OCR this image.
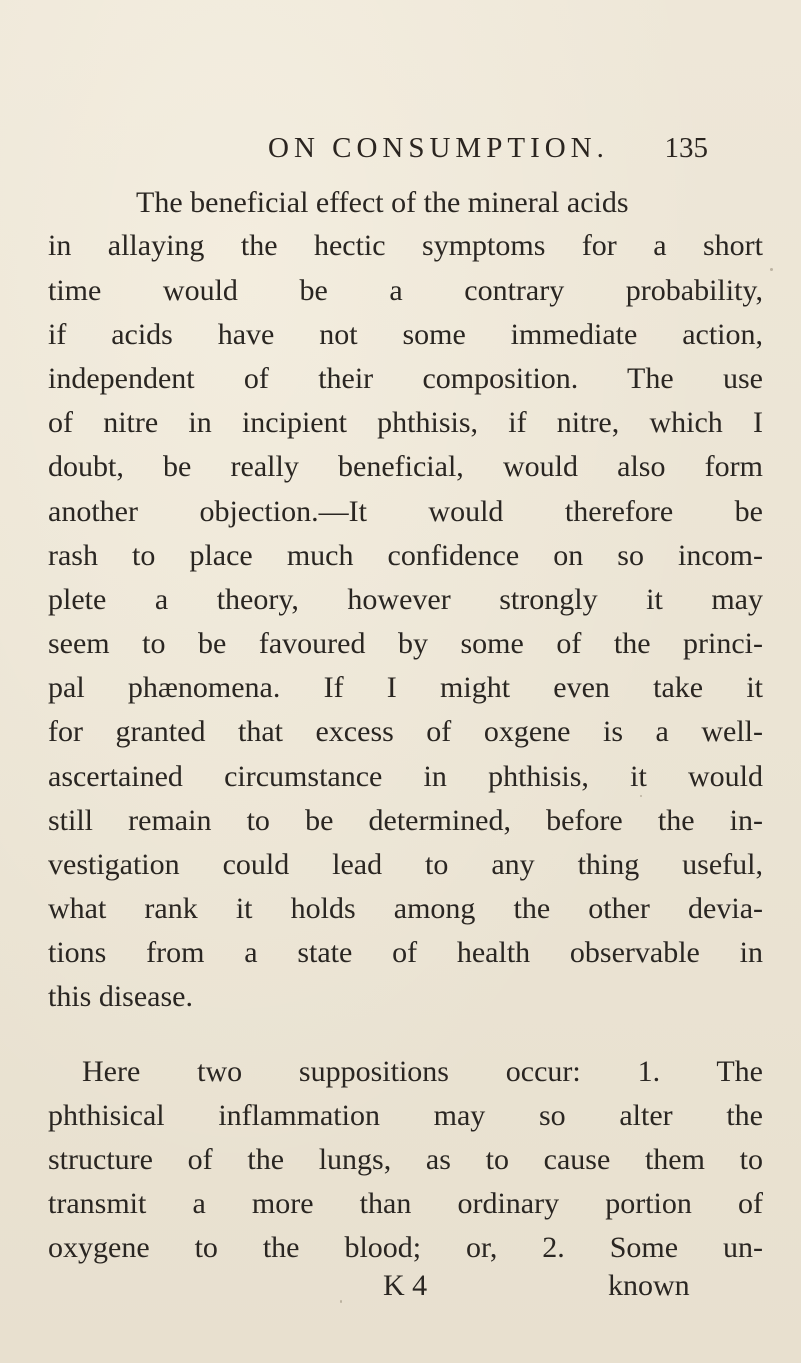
ON CONSUMPTION. 135
The beneficial effect of the mineral acids
in allaying the hectic symptoms for a short
time would be a contrary probability,
if acids have not some immediate action,
independent of their composition. The use
of nitre in incipient phthisis, if nitre, which I
doubt, be really beneficial, would also form
another objection.—It would therefore be
rash to place much confidence on so incom-
plete a theory, however strongly it may
seem to be favoured by some of the princi-
pal phænomena. If I might even take it
for granted that excess of oxgene is a well-
ascertained circumstance in phthisis, it would
still remain to be determined, before the in-
vestigation could lead to any thing useful,
what rank it holds among the other devia-
tions from a state of health observable in
this disease.
Here two suppositions occur: 1. The
phthisical inflammation may so alter the
structure of the lungs, as to cause them to
transmit a more than ordinary portion of
oxygene to the blood; or, 2. Some un-
K 4	known
